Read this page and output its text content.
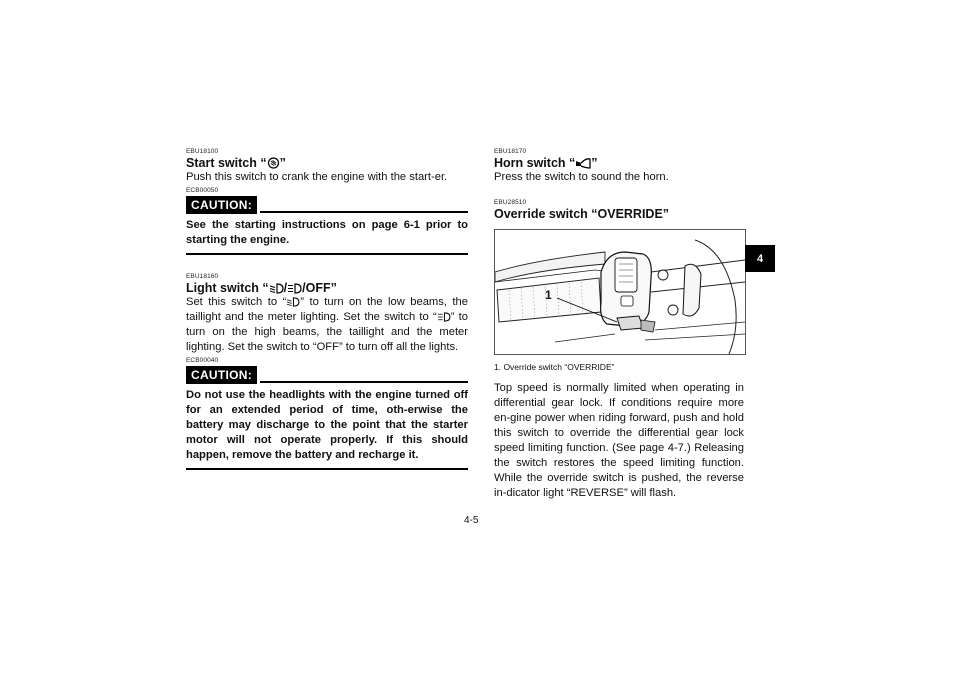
EBU18100
Start switch “ ”

Push this switch to crank the engine with the start-er.

ECB00050
CAUTION:

See the starting instructions on page 6-1 prior to starting the engine.

EBU18160
Light switch “ / /OFF”

Set this switch to “ ” to turn on the low beams, the taillight and the meter lighting. Set the switch to “ ” to turn on the high beams, the taillight and the meter lighting. Set the switch to “OFF” to turn off all the lights.

ECB00040
CAUTION:

Do not use the headlights with the engine turned off for an extended period of time, oth-erwise the battery may discharge to the point that the starter motor will not operate properly. If this should happen, remove the battery and recharge it.

EBU18170
Horn switch “ ”

Press the switch to sound the horn.

EBU28510
Override switch “OVERRIDE”
1
1. Override switch “OVERRIDE”

Top speed is normally limited when operating in differential gear lock. If conditions require more en-gine power when riding forward, push and hold this switch to override the differential gear lock speed limiting function. (See page 4-7.) Releasing the switch restores the speed limiting function. While the override switch is pushed, the reverse in-dicator light “REVERSE” will flash.

4-5
4
